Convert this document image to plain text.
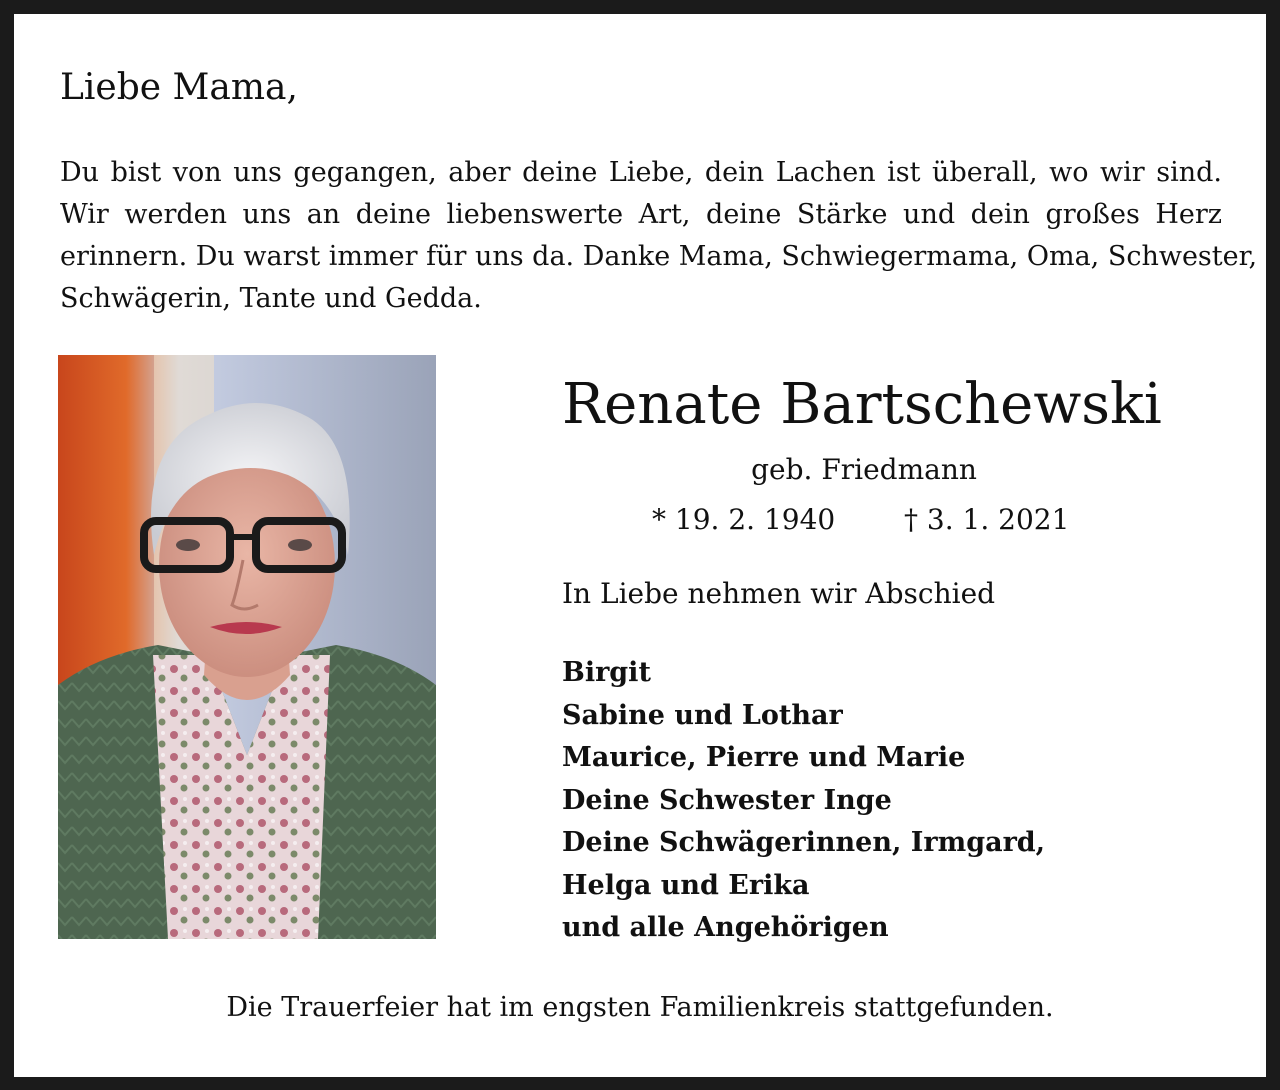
Liebe Mama,
Du bist von uns gegangen, aber deine Liebe, dein Lachen ist überall, wo wir sind.
Wir werden uns an deine liebenswerte Art, deine Stärke und dein großes Herz
erinnern. Du warst immer für uns da. Danke Mama, Schwiegermama, Oma, Schwester,
Schwägerin, Tante und Gedda.
Renate Bartschewski
geb. Friedmann
* 19. 2. 1940 † 3. 1. 2021
In Liebe nehmen wir Abschied
Birgit
Sabine und Lothar
Maurice, Pierre und Marie
Deine Schwester Inge
Deine Schwägerinnen, Irmgard,
Helga und Erika
und alle Angehörigen
Die Trauerfeier hat im engsten Familienkreis stattgefunden.
